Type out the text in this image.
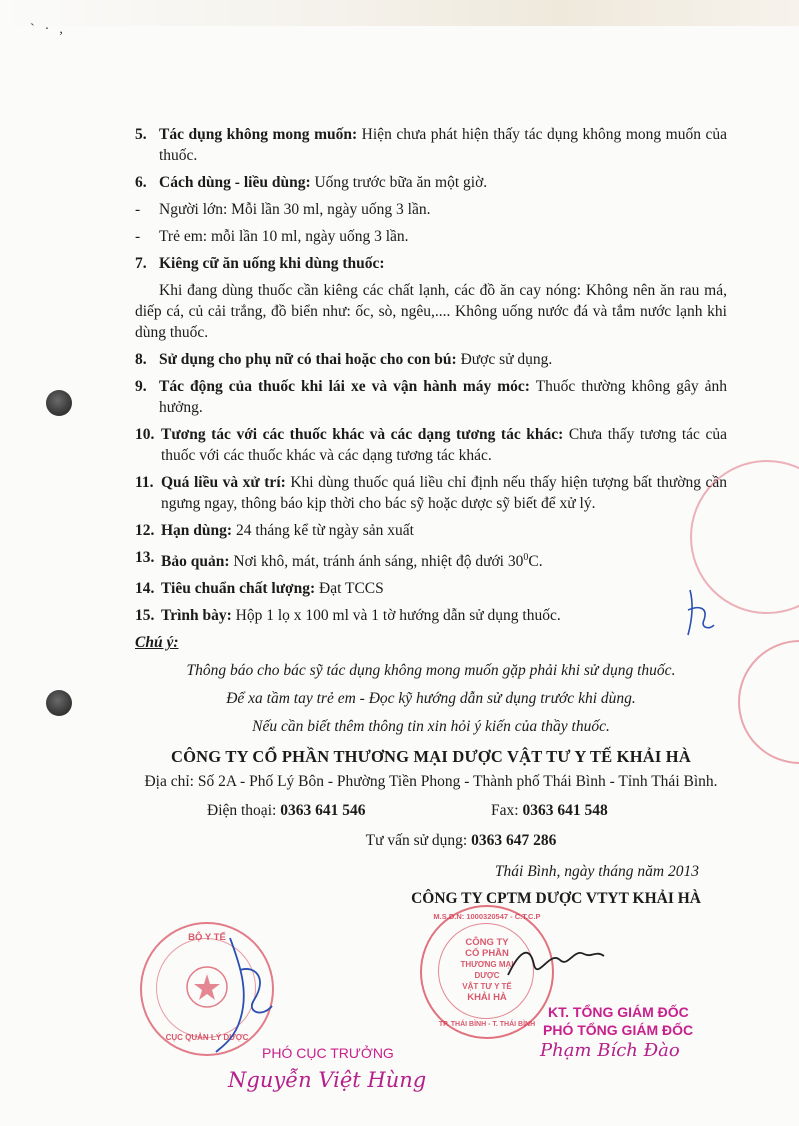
`·,
5. Tác dụng không mong muốn: Hiện chưa phát hiện thấy tác dụng không mong muốn của thuốc.
6. Cách dùng - liều dùng: Uống trước bữa ăn một giờ.
- Người lớn: Mỗi lần 30 ml, ngày uống 3 lần.
- Trẻ em: mỗi lần 10 ml, ngày uống 3 lần.
7. Kiêng cữ ăn uống khi dùng thuốc:
Khi đang dùng thuốc cần kiêng các chất lạnh, các đồ ăn cay nóng: Không nên ăn rau má, diếp cá, củ cải trắng, đồ biển như: ốc, sò, ngêu,.... Không uống nước đá và tắm nước lạnh khi dùng thuốc.
8. Sử dụng cho phụ nữ có thai hoặc cho con bú: Được sử dụng.
9. Tác động của thuốc khi lái xe và vận hành máy móc: Thuốc thường không gây ảnh hưởng.
10. Tương tác với các thuốc khác và các dạng tương tác khác: Chưa thấy tương tác của thuốc với các thuốc khác và các dạng tương tác khác.
11. Quá liều và xử trí: Khi dùng thuốc quá liều chỉ định nếu thấy hiện tượng bất thường cần ngưng ngay, thông báo kịp thời cho bác sỹ hoặc dược sỹ biết để xử lý.
12. Hạn dùng: 24 tháng kể từ ngày sản xuất
13. Bảo quản: Nơi khô, mát, tránh ánh sáng, nhiệt độ dưới $30^0C$.
14. Tiêu chuẩn chất lượng: Đạt TCCS
15. Trình bày: Hộp 1 lọ x 100 ml và 1 tờ hướng dẫn sử dụng thuốc.
Chú ý:
Thông báo cho bác sỹ tác dụng không mong muốn gặp phải khi sử dụng thuốc.
Để xa tầm tay trẻ em - Đọc kỹ hướng dẫn sử dụng trước khi dùng.
Nếu cần biết thêm thông tin xin hỏi ý kiến của thầy thuốc.
CÔNG TY CỔ PHẦN THƯƠNG MẠI DƯỢC VẬT TƯ Y TẾ KHẢI HÀ
Địa chỉ: Số 2A - Phố Lý Bôn - Phường Tiền Phong - Thành phố Thái Bình - Tỉnh Thái Bình.
Điện thoại: 0363 641 546	Fax: 0363 641 548
Tư vấn sử dụng: 0363 647 286
Thái Bình, ngày tháng năm 2013
CÔNG TY CPTM DƯỢC VTYT KHẢI HÀ
BỘ Y TẾ
CỤC QUẢN LÝ DƯỢC
PHÓ CỤC TRƯỞNG
Nguyễn Việt Hùng
M.S.D.N: 1000320547 - C.T.C.P
CÔNG TY
CỔ PHẦN
THƯƠNG MẠI DƯỢC
VẬT TƯ Y TẾ
KHẢI HÀ
TP. THÁI BÌNH - T. THÁI BÌNH
KT. TỔNG GIÁM ĐỐC
PHÓ TỔNG GIÁM ĐỐC
Phạm Bích Đào
